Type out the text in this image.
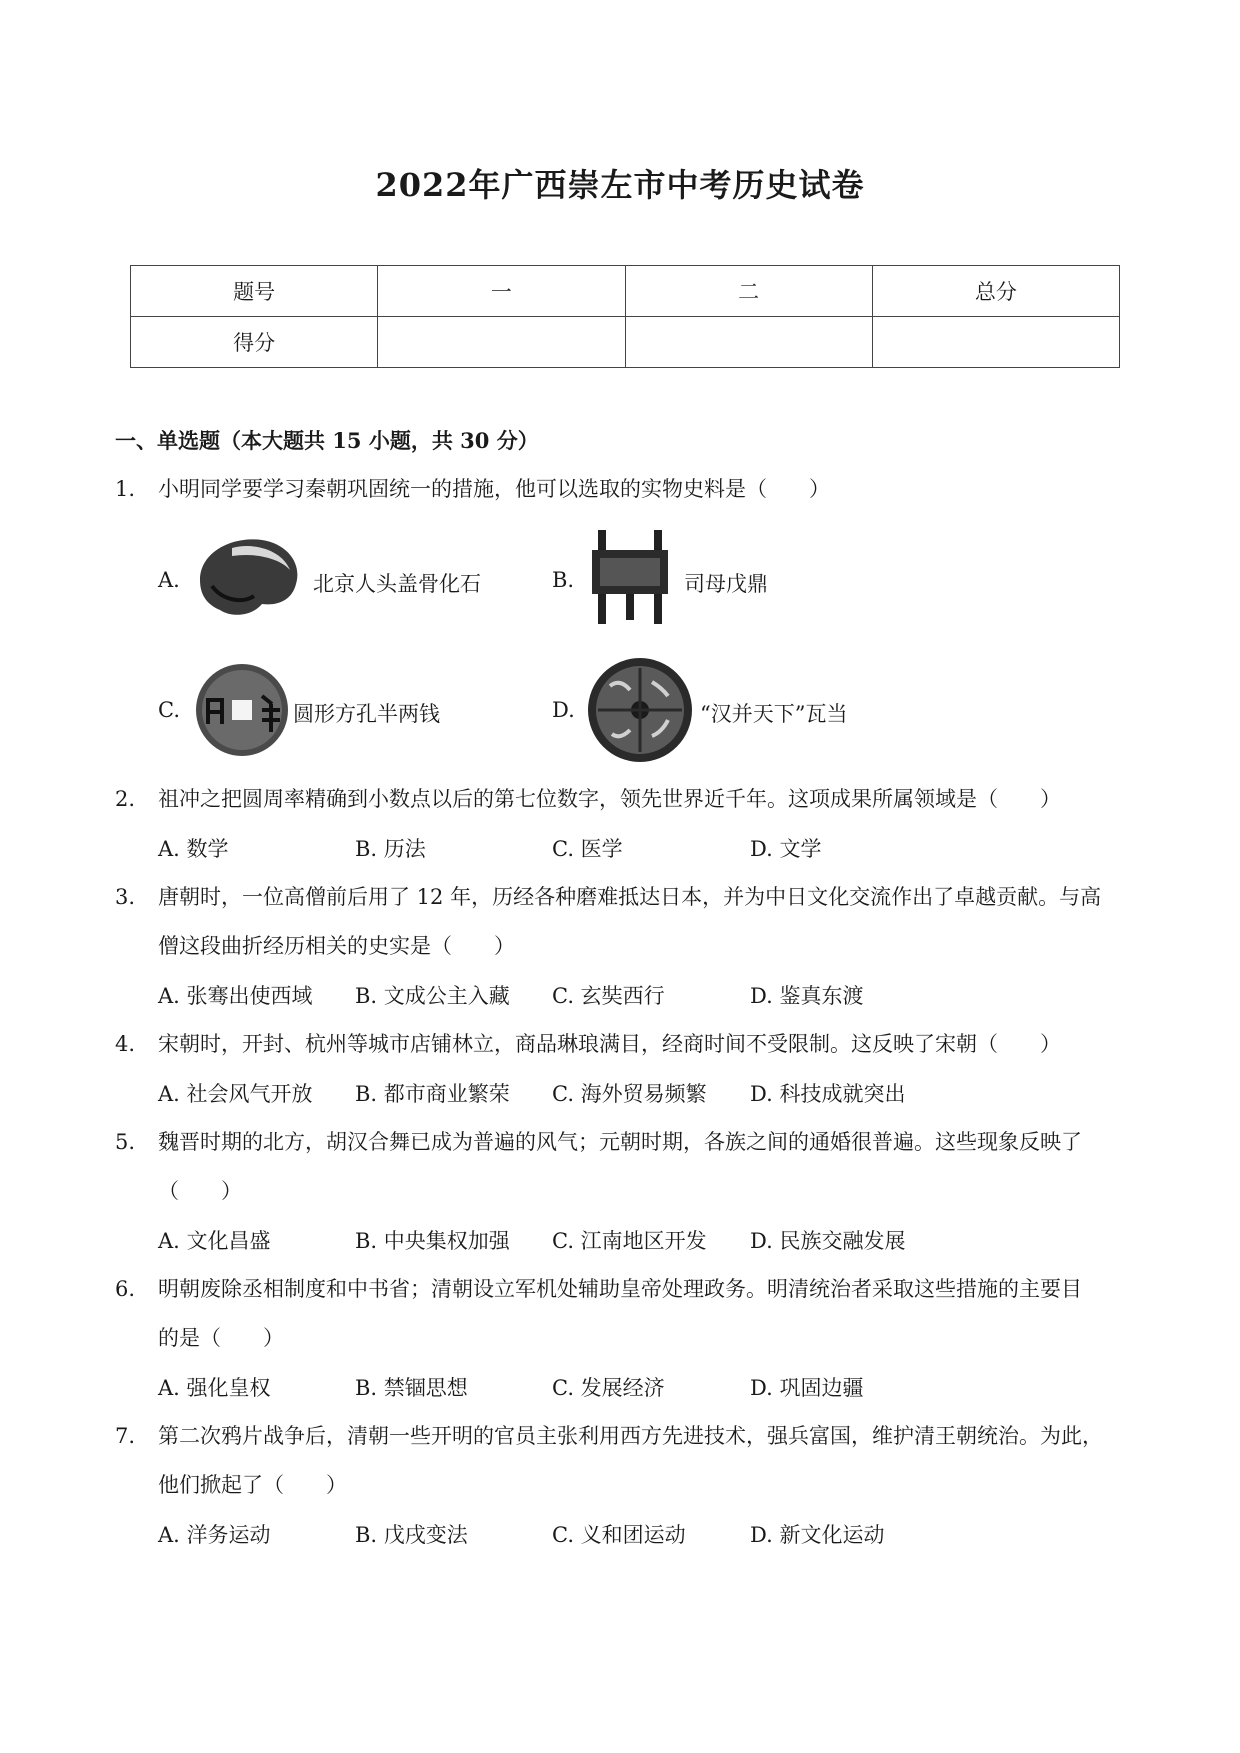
2022年广西崇左市中考历史试卷
题号	一	二	总分
得分			
一、单选题（本大题共 15 小题，共 30 分）
1.	小明同学要学习秦朝巩固统一的措施，他可以选取的实物史料是（　　）
A.	北京人头盖骨化石	B.	司母戊鼎
C.	圆形方孔半两钱	D.	“汉并天下”瓦当
2.	祖冲之把圆周率精确到小数点以后的第七位数字，领先世界近千年。这项成果所属领域是（　　）
A. 数学	B. 历法	C. 医学	D. 文学
3.	唐朝时，一位高僧前后用了 12 年，历经各种磨难抵达日本，并为中日文化交流作出了卓越贡献。与高
僧这段曲折经历相关的史实是（　　）
A. 张骞出使西域 B. 文成公主入藏 C. 玄奘西行	D. 鉴真东渡
4.	宋朝时，开封、杭州等城市店铺林立，商品琳琅满目，经商时间不受限制。这反映了宋朝（　　）
A. 社会风气开放 B. 都市商业繁荣 C. 海外贸易频繁 D. 科技成就突出
5.	魏晋时期的北方，胡汉合舞已成为普遍的风气；元朝时期，各族之间的通婚很普遍。这些现象反映了
（　　）
A. 文化昌盛	B. 中央集权加强 C. 江南地区开发 D. 民族交融发展
6.	明朝废除丞相制度和中书省；清朝设立军机处辅助皇帝处理政务。明清统治者采取这些措施的主要目
的是（　　）
A. 强化皇权	B. 禁锢思想	C. 发展经济	D. 巩固边疆
7.	第二次鸦片战争后，清朝一些开明的官员主张利用西方先进技术，强兵富国，维护清王朝统治。为此，
他们掀起了（　　）
A. 洋务运动	B. 戊戌变法	C. 义和团运动	D. 新文化运动
